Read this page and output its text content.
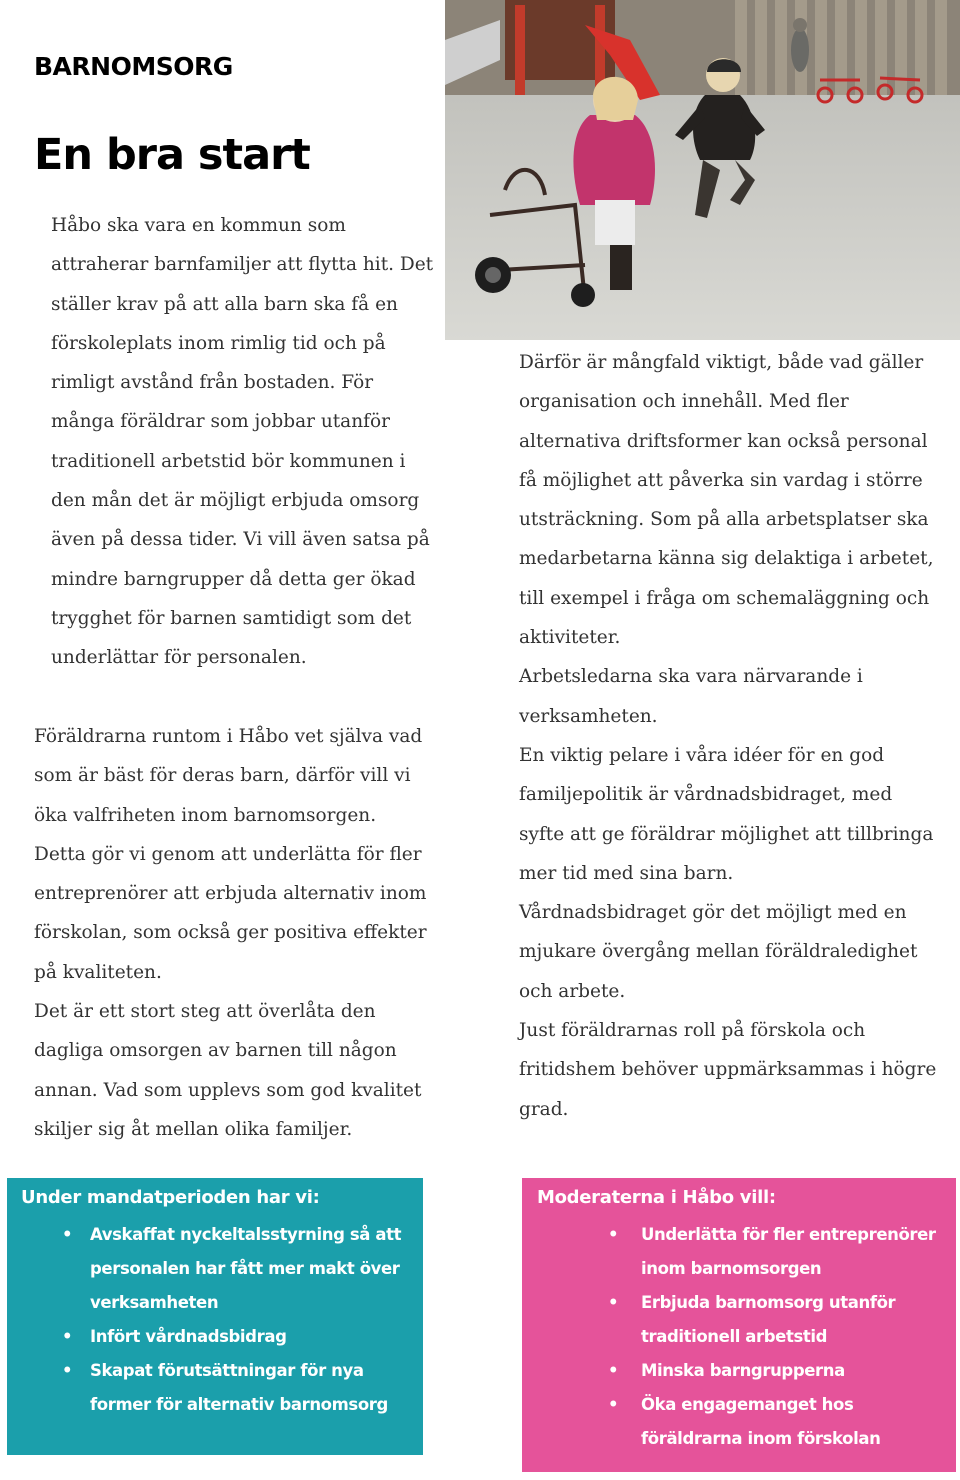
BARNOMSORG
En bra start

Håbo ska vara en kommun som attraherar barnfamiljer att flytta hit. Det ställer krav på att alla barn ska få en förskoleplats inom rimlig tid och på rimligt avstånd från bostaden. För många föräldrar som jobbar utanför traditionell arbetstid bör kommunen i den mån det är möjligt erbjuda omsorg även på dessa tider. Vi vill även satsa på mindre barngrupper då detta ger ökad trygghet för barnen samtidigt som det underlättar för personalen.

Föräldrarna runtom i Håbo vet själva vad som är bäst för deras barn, därför vill vi öka valfriheten inom barnomsorgen.

Detta gör vi genom att underlätta för fler entreprenörer att erbjuda alternativ inom förskolan, som också ger positiva effekter på kvaliteten.

Det är ett stort steg att överlåta den dagliga omsorgen av barnen till någon annan. Vad som upplevs som god kvalitet skiljer sig åt mellan olika familjer.

Därför är mångfald viktigt, både vad gäller organisation och innehåll. Med fler alternativa driftsformer kan också personal få möjlighet att påverka sin vardag i större utsträckning. Som på alla arbetsplatser ska medarbetarna känna sig delaktiga i arbetet, till exempel i fråga om schemaläggning och aktiviteter.

Arbetsledarna ska vara närvarande i verksamheten.

En viktig pelare i våra idéer för en god familjepolitik är vårdnadsbidraget, med syfte att ge föräldrar möjlighet att tillbringa mer tid med sina barn.

Vårdnadsbidraget gör det möjligt med en mjukare övergång mellan föräldraledighet och arbete.

Just föräldrarnas roll på förskola och fritidshem behöver uppmärksammas i högre grad.

Under mandatperioden har vi:
• Avskaffat nyckeltalsstyrning så att personalen har fått mer makt över verksamheten
• Infört vårdnadsbidrag
• Skapat förutsättningar för nya former för alternativ barnomsorg
Moderaterna i Håbo vill:
• Underlätta för fler entreprenörer inom barnomsorgen
• Erbjuda barnomsorg utanför traditionell arbetstid
• Minska barngrupperna
• Öka engagemanget hos föräldrarna inom förskolan
